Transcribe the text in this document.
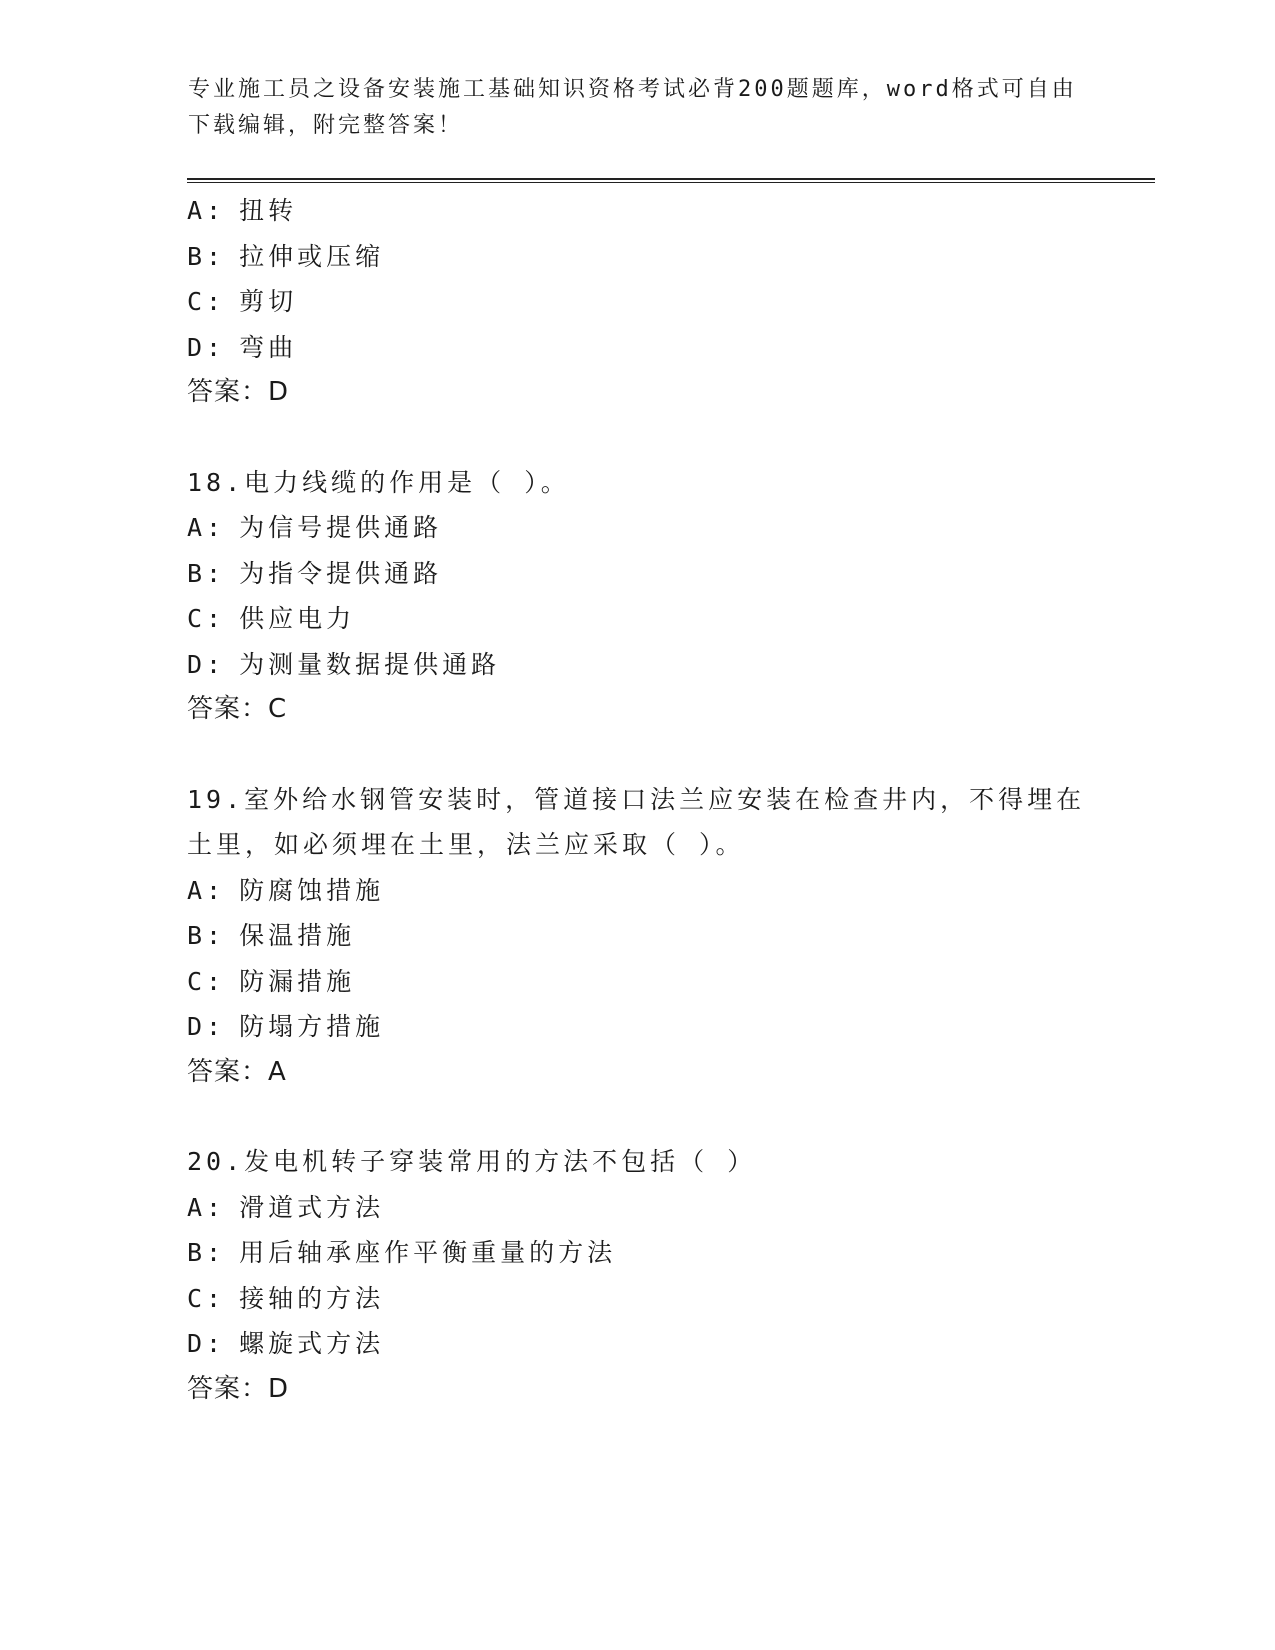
专业施工员之设备安装施工基础知识资格考试必背200题题库，word格式可自由
下载编辑，附完整答案！
A: 扭转
B: 拉伸或压缩
C: 剪切
D: 弯曲
答案：D
18.电力线缆的作用是（ ）。
A: 为信号提供通路
B: 为指令提供通路
C: 供应电力
D: 为测量数据提供通路
答案：C
19.室外给水钢管安装时，管道接口法兰应安装在检查井内，不得埋在
土里，如必须埋在土里，法兰应采取（ ）。
A: 防腐蚀措施
B: 保温措施
C: 防漏措施
D: 防塌方措施
答案：A
20.发电机转子穿装常用的方法不包括（ ）
A: 滑道式方法
B: 用后轴承座作平衡重量的方法
C: 接轴的方法
D: 螺旋式方法
答案：D
